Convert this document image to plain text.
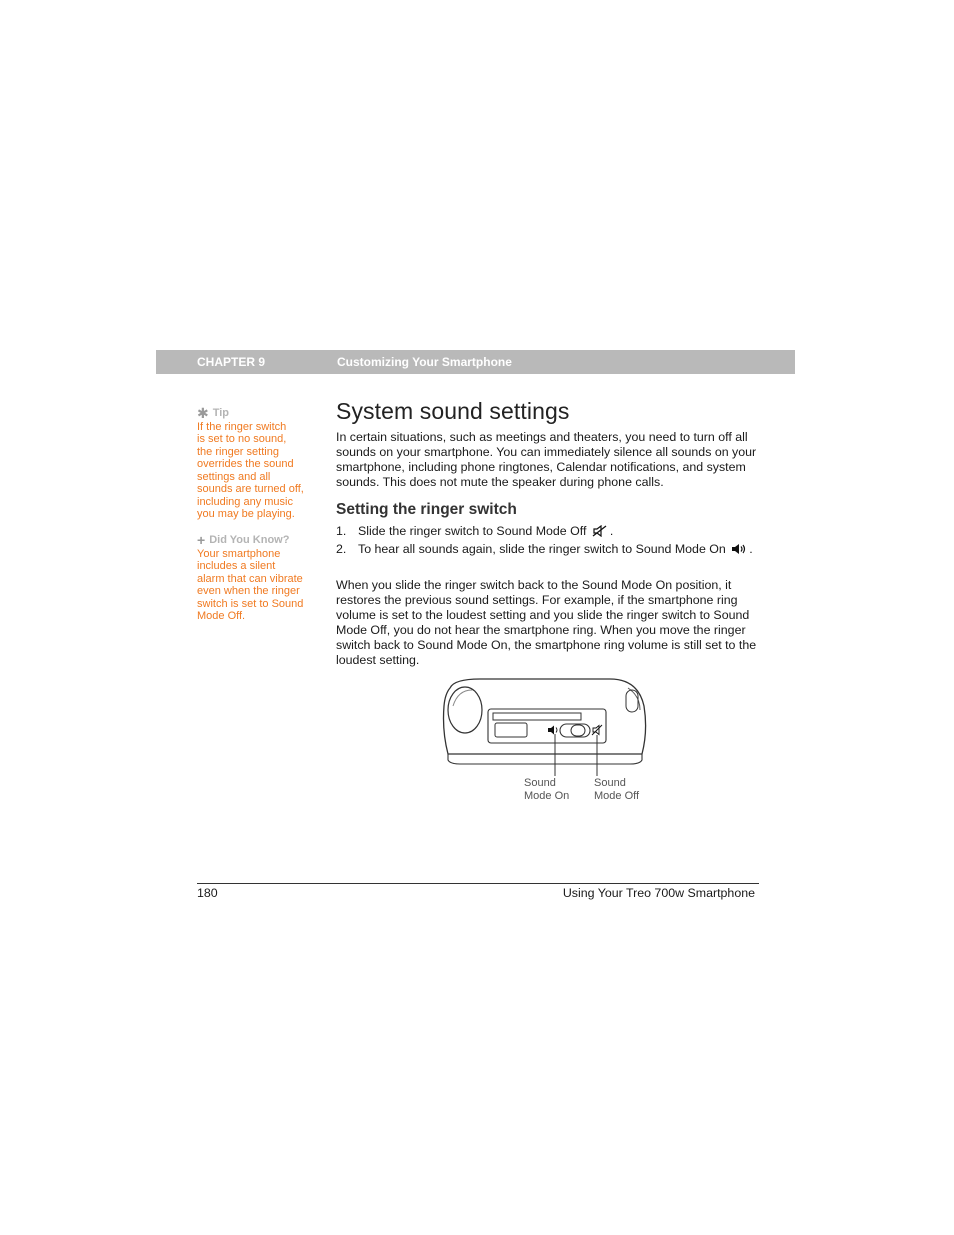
CHAPTER 9	Customizing Your Smartphone
✱ Tip
If the ringer switch
is set to no sound,
the ringer setting
overrides the sound
settings and all
sounds are turned off,
including any music
you may be playing.
+ Did You Know?
Your smartphone
includes a silent
alarm that can vibrate
even when the ringer
switch is set to Sound
Mode Off.
System sound settings

In certain situations, such as meetings and theaters, you need to turn off all sounds on your smartphone. You can immediately silence all sounds on your smartphone, including phone ringtones, Calendar notifications, and system sounds. This does not mute the speaker during phone calls.

Setting the ringer switch
1. Slide the ringer switch to Sound Mode Off .
2. To hear all sounds again, slide the ringer switch to Sound Mode On .

When you slide the ringer switch back to the Sound Mode On position, it restores the previous sound settings. For example, if the smartphone ring volume is set to the loudest setting and you slide the ringer switch to Sound Mode Off, you do not hear the smartphone ring. When you move the ringer switch back to Sound Mode On, the smartphone ring volume is still set to the loudest setting.

Sound
Mode On
Sound
Mode Off
180	Using Your Treo 700w Smartphone
